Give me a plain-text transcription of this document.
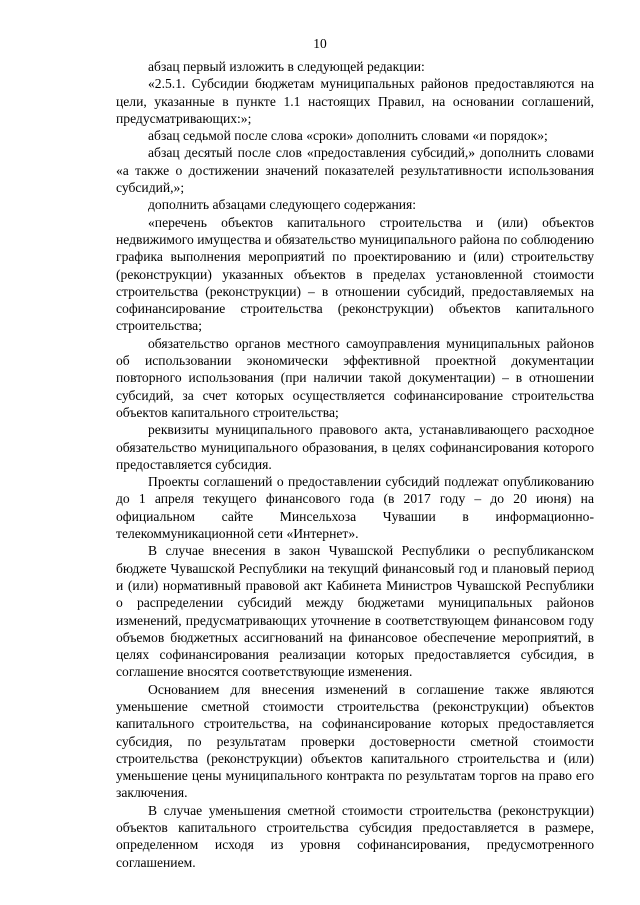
10

абзац первый изложить в следующей редакции:

«2.5.1. Субсидии бюджетам муниципальных районов предоставляются на цели, указанные в пункте 1.1 настоящих Правил, на основании соглашений, предусматривающих:»;

абзац седьмой после слова «сроки» дополнить словами «и порядок»;

абзац десятый после слов «предоставления субсидий,» дополнить словами «а также о достижении значений показателей результативности использования субсидий,»;

дополнить абзацами следующего содержания:

«перечень объектов капитального строительства и (или) объектов недвижимого имущества и обязательство муниципального района по соблюдению графика выполнения мероприятий по проектированию и (или) строительству (реконструкции) указанных объектов в пределах установленной стоимости строительства (реконструкции) – в отношении субсидий, предоставляемых на софинансирование строительства (реконструкции) объектов капитального строительства;

обязательство органов местного самоуправления муниципальных районов об использовании экономически эффективной проектной документации повторного использования (при наличии такой документации) – в отношении субсидий, за счет которых осуществляется софинансирование строительства объектов капитального строительства;

реквизиты муниципального правового акта, устанавливающего расходное обязательство муниципального образования, в целях софинансирования которого предоставляется субсидия.

Проекты соглашений о предоставлении субсидий подлежат опубликованию до 1 апреля текущего финансового года (в 2017 году – до 20 июня) на официальном сайте Минсельхоза Чувашии в информационно-телекоммуникационной сети «Интернет».

В случае внесения в закон Чувашской Республики о республиканском бюджете Чувашской Республики на текущий финансовый год и плановый период и (или) нормативный правовой акт Кабинета Министров Чувашской Республики о распределении субсидий между бюджетами муниципальных районов изменений, предусматривающих уточнение в соответствующем финансовом году объемов бюджетных ассигнований на финансовое обеспечение мероприятий, в целях софинансирования реализации которых предоставляется субсидия, в соглашение вносятся соответствующие изменения.

Основанием для внесения изменений в соглашение также являются уменьшение сметной стоимости строительства (реконструкции) объектов капитального строительства, на софинансирование которых предоставляется субсидия, по результатам проверки достоверности сметной стоимости строительства (реконструкции) объектов капитального строительства и (или) уменьшение цены муниципального контракта по результатам торгов на право его заключения.

В случае уменьшения сметной стоимости строительства (реконструкции) объектов капитального строительства субсидия предоставляется в размере, определенном исходя из уровня софинансирования, предусмотренного соглашением.
